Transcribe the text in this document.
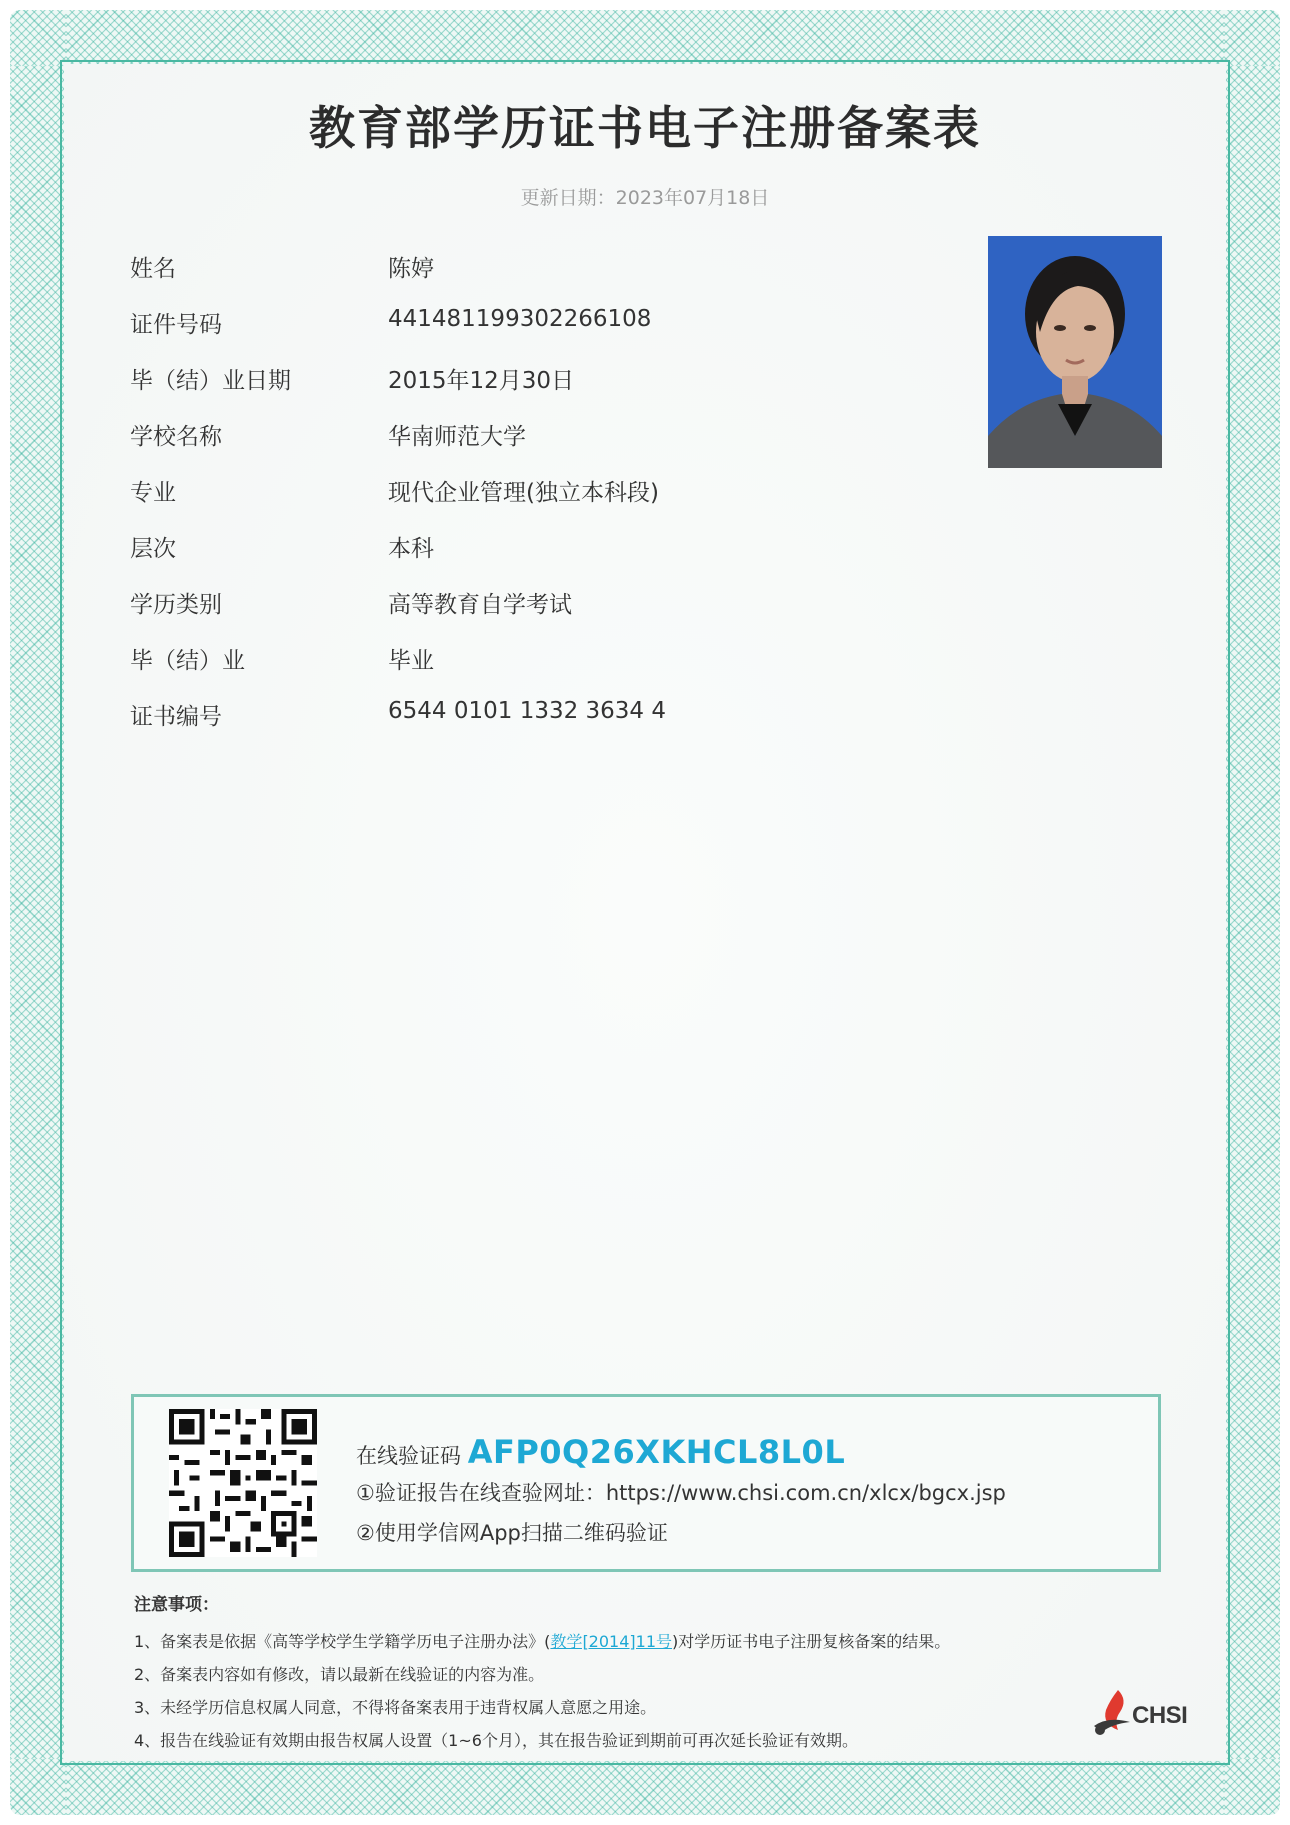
教育部学历证书电子注册备案表
更新日期：2023年07月18日
姓名	陈婷
证件号码	441481199302266108
毕（结）业日期	2015年12月30日
学校名称	华南师范大学
专业	现代企业管理(独立本科段)
层次	本科
学历类别	高等教育自学考试
毕（结）业	毕业
证书编号	6544 0101 1332 3634 4
在线验证码 AFP0Q26XKHCL8L0L
①验证报告在线查验网址：https://www.chsi.com.cn/xlcx/bgcx.jsp
②使用学信网App扫描二维码验证
注意事项：
1、备案表是依据《高等学校学生学籍学历电子注册办法》(教学[2014]11号)对学历证书电子注册复核备案的结果。
2、备案表内容如有修改，请以最新在线验证的内容为准。
3、未经学历信息权属人同意，不得将备案表用于违背权属人意愿之用途。
4、报告在线验证有效期由报告权属人设置（1~6个月），其在报告验证到期前可再次延长验证有效期。
CHSI
